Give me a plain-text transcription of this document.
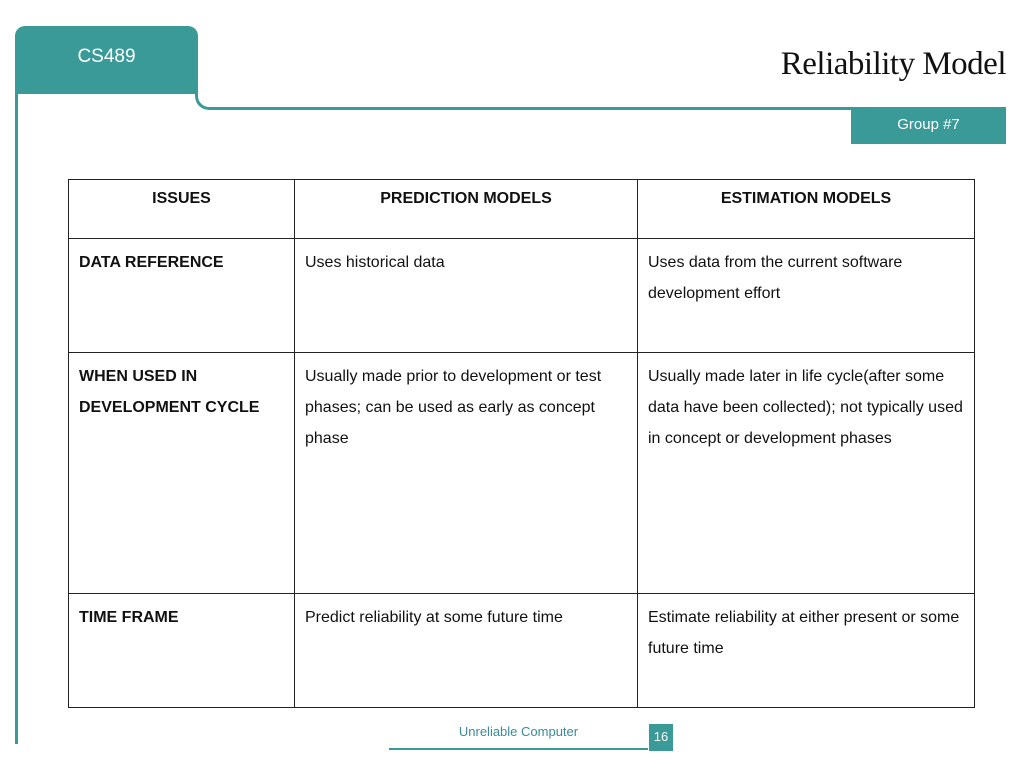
CS489	Reliability Model
Group #7
ISSUES	PREDICTION MODELS	ESTIMATION MODELS
DATA REFERENCE	Uses historical data	Uses data from the current software development effort
WHEN USED IN DEVELOPMENT CYCLE	Usually made prior to development or test phases; can be used as early as concept phase	Usually made later in life cycle(after some data have been collected); not typically used in concept or development phases
TIME FRAME	Predict reliability at some future time	Estimate reliability at either present or some future time
Unreliable Computer	16
